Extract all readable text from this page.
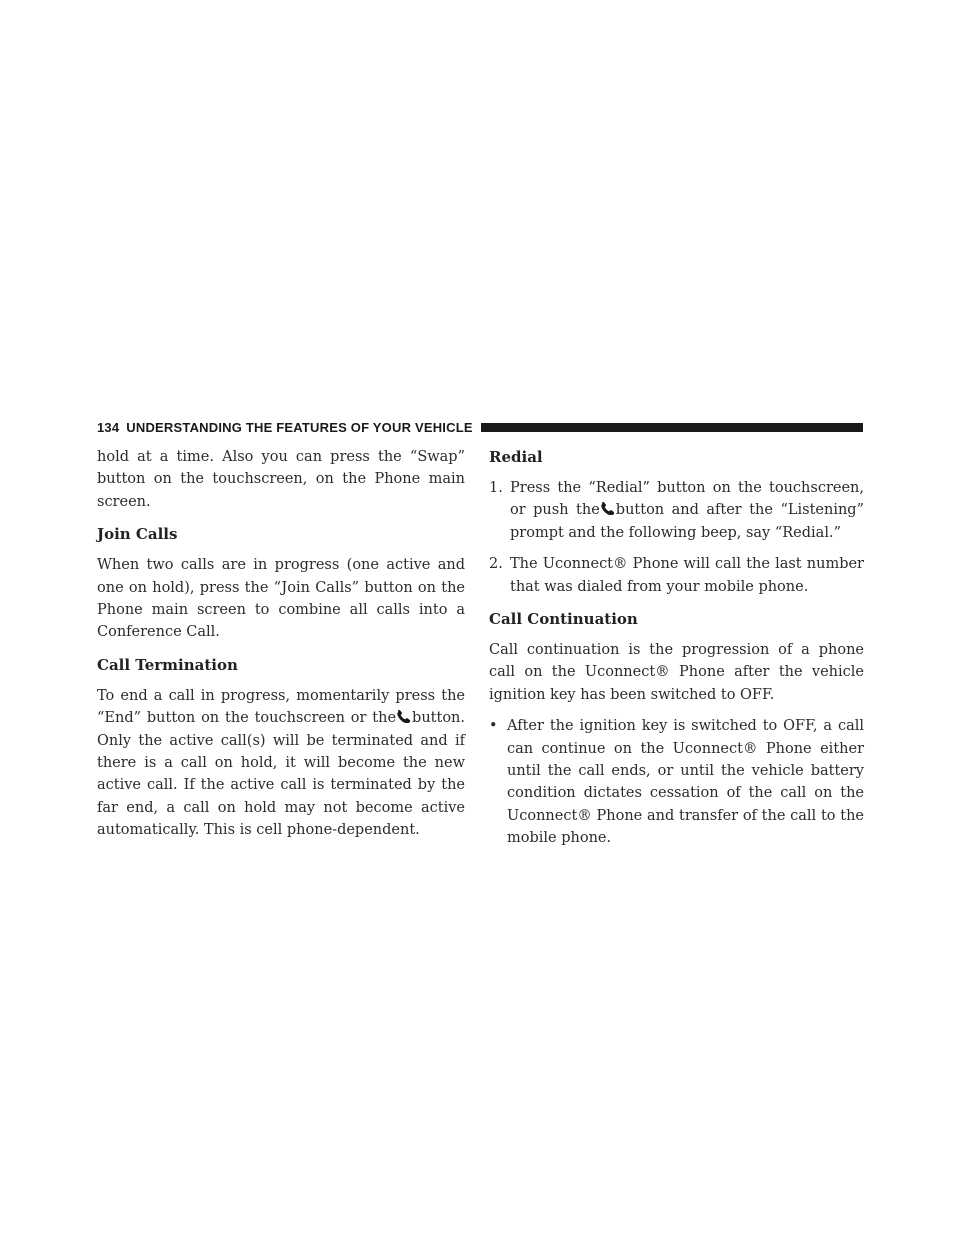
134 UNDERSTANDING THE FEATURES OF YOUR VEHICLE

hold at a time. Also you can press the “Swap” button on the touchscreen, on the Phone main screen.

Join Calls

When two calls are in progress (one active and one on hold), press the “Join Calls” button on the Phone main screen to combine all calls into a Conference Call.

Call Termination

To end a call in progress, momentarily press the “End” button on the touchscreen or the button. Only the active call(s) will be terminated and if there is a call on hold, it will become the new active call. If the active call is terminated by the far end, a call on hold may not become active automatically. This is cell phone-dependent.

Redial
1. Press the “Redial” button on the touchscreen, or push the button and after the “Listening” prompt and the following beep, say “Redial.”
2. The Uconnect® Phone will call the last number that was dialed from your mobile phone.
Call Continuation

Call continuation is the progression of a phone call on the Uconnect® Phone after the vehicle ignition key has been switched to OFF.

• After the ignition key is switched to OFF, a call can continue on the Uconnect® Phone either until the call ends, or until the vehicle battery condition dictates cessation of the call on the Uconnect® Phone and transfer of the call to the mobile phone.
